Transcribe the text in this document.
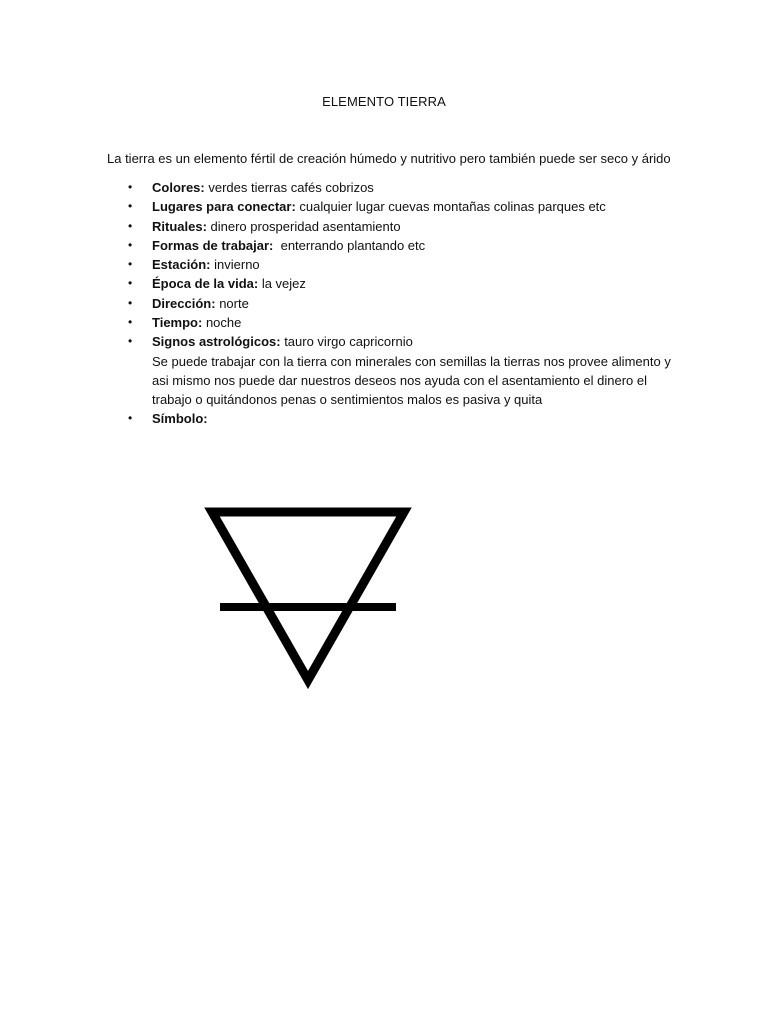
ELEMENTO TIERRA
La tierra es un elemento fértil de creación húmedo y nutritivo pero también puede ser seco y árido
• Colores: verdes tierras cafés cobrizos
• Lugares para conectar: cualquier lugar cuevas montañas colinas parques etc
• Rituales: dinero prosperidad asentamiento
• Formas de trabajar:  enterrando plantando etc
• Estación: invierno
• Época de la vida: la vejez
• Dirección: norte
• Tiempo: noche
• Signos astrológicos: tauro virgo capricornio
Se puede trabajar con la tierra con minerales con semillas la tierras nos provee alimento y asi mismo nos puede dar nuestros deseos nos ayuda con el asentamiento el dinero el trabajo o quitándonos penas o sentimientos malos es pasiva y quita
• Símbolo:
